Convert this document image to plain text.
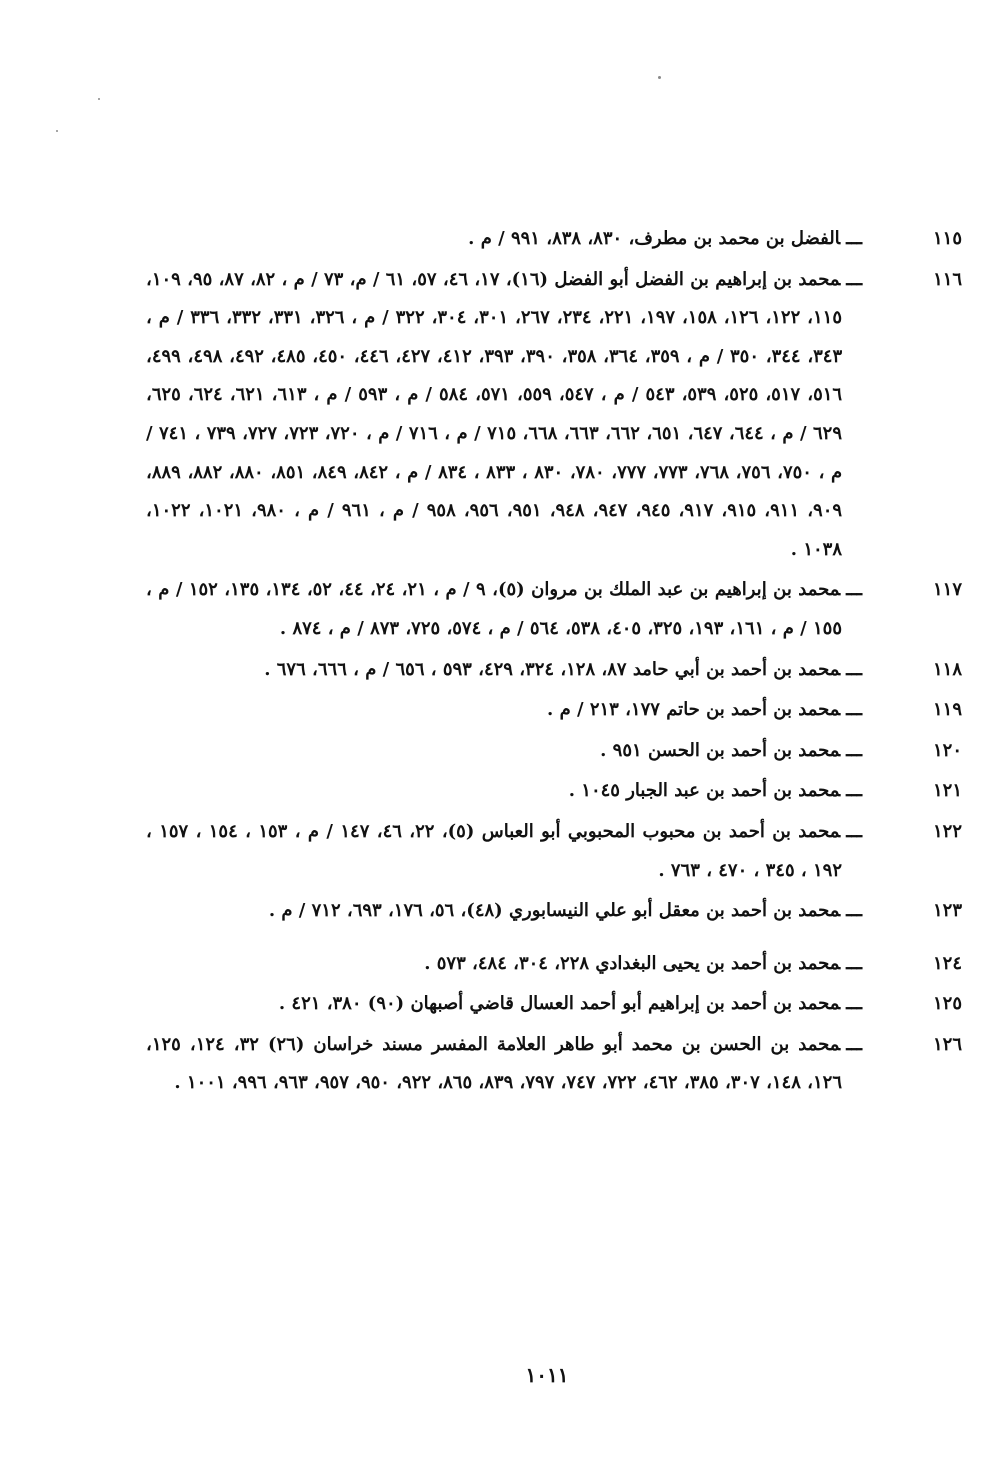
١١٥ـــالفضل بن محمد بن مطرف، ٨٣٠، ٨٣٨، ٩٩١ / م .

١١٦ـــمحمد بن إبراهيم بن الفضل أبو الفضل (١٦)، ١٧، ٤٦، ٥٧، ٦١ / م، ٧٣ / م ، ٨٢، ٨٧، ٩٥، ١٠٩، ١١٥، ١٢٢، ١٢٦، ١٥٨، ١٩٧، ٢٢١، ٢٣٤، ٢٦٧، ٣٠١، ٣٠٤، ٣٢٢ / م ، ٣٢٦، ٣٣١، ٣٣٢، ٣٣٦ / م ، ٣٤٣، ٣٤٤، ٣٥٠ / م ، ٣٥٩، ٣٦٤، ٣٥٨، ٣٩٠، ٣٩٣، ٤١٢، ٤٢٧، ٤٤٦، ٤٥٠، ٤٨٥، ٤٩٢، ٤٩٨، ٤٩٩، ٥١٦، ٥١٧، ٥٢٥، ٥٣٩، ٥٤٣ / م ، ٥٤٧، ٥٥٩، ٥٧١، ٥٨٤ / م ، ٥٩٣ / م ، ٦١٣، ٦٢١، ٦٢٤، ٦٢٥، ٦٢٩ / م ، ٦٤٤، ٦٤٧، ٦٥١، ٦٦٢، ٦٦٣، ٦٦٨، ٧١٥ / م ، ٧١٦ / م ، ٧٢٠، ٧٢٣، ٧٢٧، ٧٣٩ ، ٧٤١ / م ، ٧٥٠، ٧٥٦، ٧٦٨، ٧٧٣، ٧٧٧، ٧٨٠، ٨٣٠ ، ٨٣٣ ، ٨٣٤ / م ، ٨٤٢، ٨٤٩، ٨٥١، ٨٨٠، ٨٨٢، ٨٨٩، ٩٠٩، ٩١١، ٩١٥، ٩١٧، ٩٤٥، ٩٤٧، ٩٤٨، ٩٥١، ٩٥٦، ٩٥٨ / م ، ٩٦١ / م ، ٩٨٠، ١٠٢١، ١٠٢٢، ١٠٣٨ .

١١٧ـــمحمد بن إبراهيم بن عبد الملك بن مروان (٥)، ٩ / م ، ٢١، ٢٤، ٤٤، ٥٢، ١٣٤، ١٣٥، ١٥٢ / م ، ١٥٥ / م ، ١٦١، ١٩٣، ٣٢٥، ٤٠٥، ٥٣٨، ٥٦٤ / م ، ٥٧٤، ٧٢٥، ٨٧٣ / م ، ٨٧٤ .

١١٨ـــمحمد بن أحمد بن أبي حامد ٨٧، ١٢٨، ٣٢٤، ٤٢٩، ٥٩٣ ، ٦٥٦ / م ، ٦٦٦، ٦٧٦ .

١١٩ـــمحمد بن أحمد بن حاتم ١٧٧، ٢١٣ / م .

١٢٠ـــمحمد بن أحمد بن الحسن ٩٥١ .

١٢١ـــمحمد بن أحمد بن عبد الجبار ١٠٤٥ .

١٢٢ـــمحمد بن أحمد بن محبوب المحبوبي أبو العباس (٥)، ٢٢، ٤٦، ١٤٧ / م ، ١٥٣ ، ١٥٤ ، ١٥٧ ، ١٩٢ ، ٣٤٥ ، ٤٧٠ ، ٧٦٣ .

١٢٣ـــمحمد بن أحمد بن معقل أبو علي النيسابوري (٤٨)، ٥٦، ١٧٦، ٦٩٣، ٧١٢ / م .

١٢٤ـــمحمد بن أحمد بن يحيى البغدادي ٢٢٨، ٣٠٤، ٤٨٤، ٥٧٣ .

١٢٥ـــمحمد بن أحمد بن إبراهيم أبو أحمد العسال قاضي أصبهان (٩٠) ٣٨٠، ٤٢١ .

١٢٦ـــمحمد بن الحسن بن محمد أبو طاهر العلامة المفسر مسند خراسان (٢٦) ٣٢، ١٢٤، ١٢٥، ١٢٦، ١٤٨، ٣٠٧، ٣٨٥، ٤٦٢، ٧٢٢، ٧٤٧، ٧٩٧، ٨٣٩، ٨٦٥، ٩٢٢، ٩٥٠، ٩٥٧، ٩٦٣، ٩٩٦، ١٠٠١ .

١٠١١
